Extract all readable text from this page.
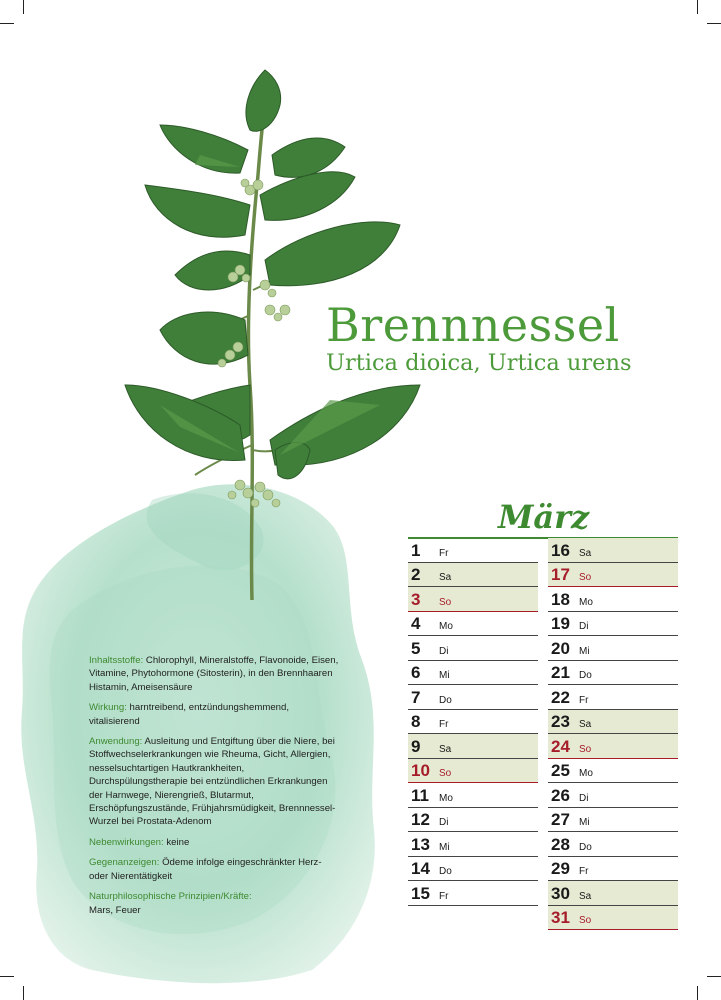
Brennnessel
Urtica dioica, Urtica urens
März
1	Fr
2	Sa
3	So
4	Mo
5	Di
6	Mi
7	Do
8	Fr
9	Sa
10 So
11	Mo
12 Di
13 Mi
14 Do
15 Fr
16 Sa
17 So
18 Mo
19 Di
20 Mi
21 Do
22 Fr
23 Sa
24 So
25 Mo
26 Di
27 Mi
28 Do
29 Fr
30 Sa
31 So

Inhaltsstoffe: Chlorophyll, Mineralstoffe, Flavonoide, Eisen, Vitamine, Phytohormone (Sitosterin), in den Brennhaaren Histamin, Ameisensäure

Wirkung: harntreibend, entzündungshemmend, vitalisierend

Anwendung: Ausleitung und Entgiftung über die Niere, bei Stoffwechselerkrankungen wie Rheuma, Gicht, Allergien, nesselsuchtartigen Hautkrankheiten, Durchspülungstherapie bei entzündlichen Erkrankungen der Harnwege, Nierengrieß, Blutarmut, Erschöpfungszustände, Frühjahrsmüdigkeit, Brennnessel-Wurzel bei Prostata-Adenom

Nebenwirkungen: keine

Gegenanzeigen: Ödeme infolge eingeschränkter Herz- oder Nierentätigkeit

Naturphilosophische Prinzipien/Kräfte:
Mars, Feuer
